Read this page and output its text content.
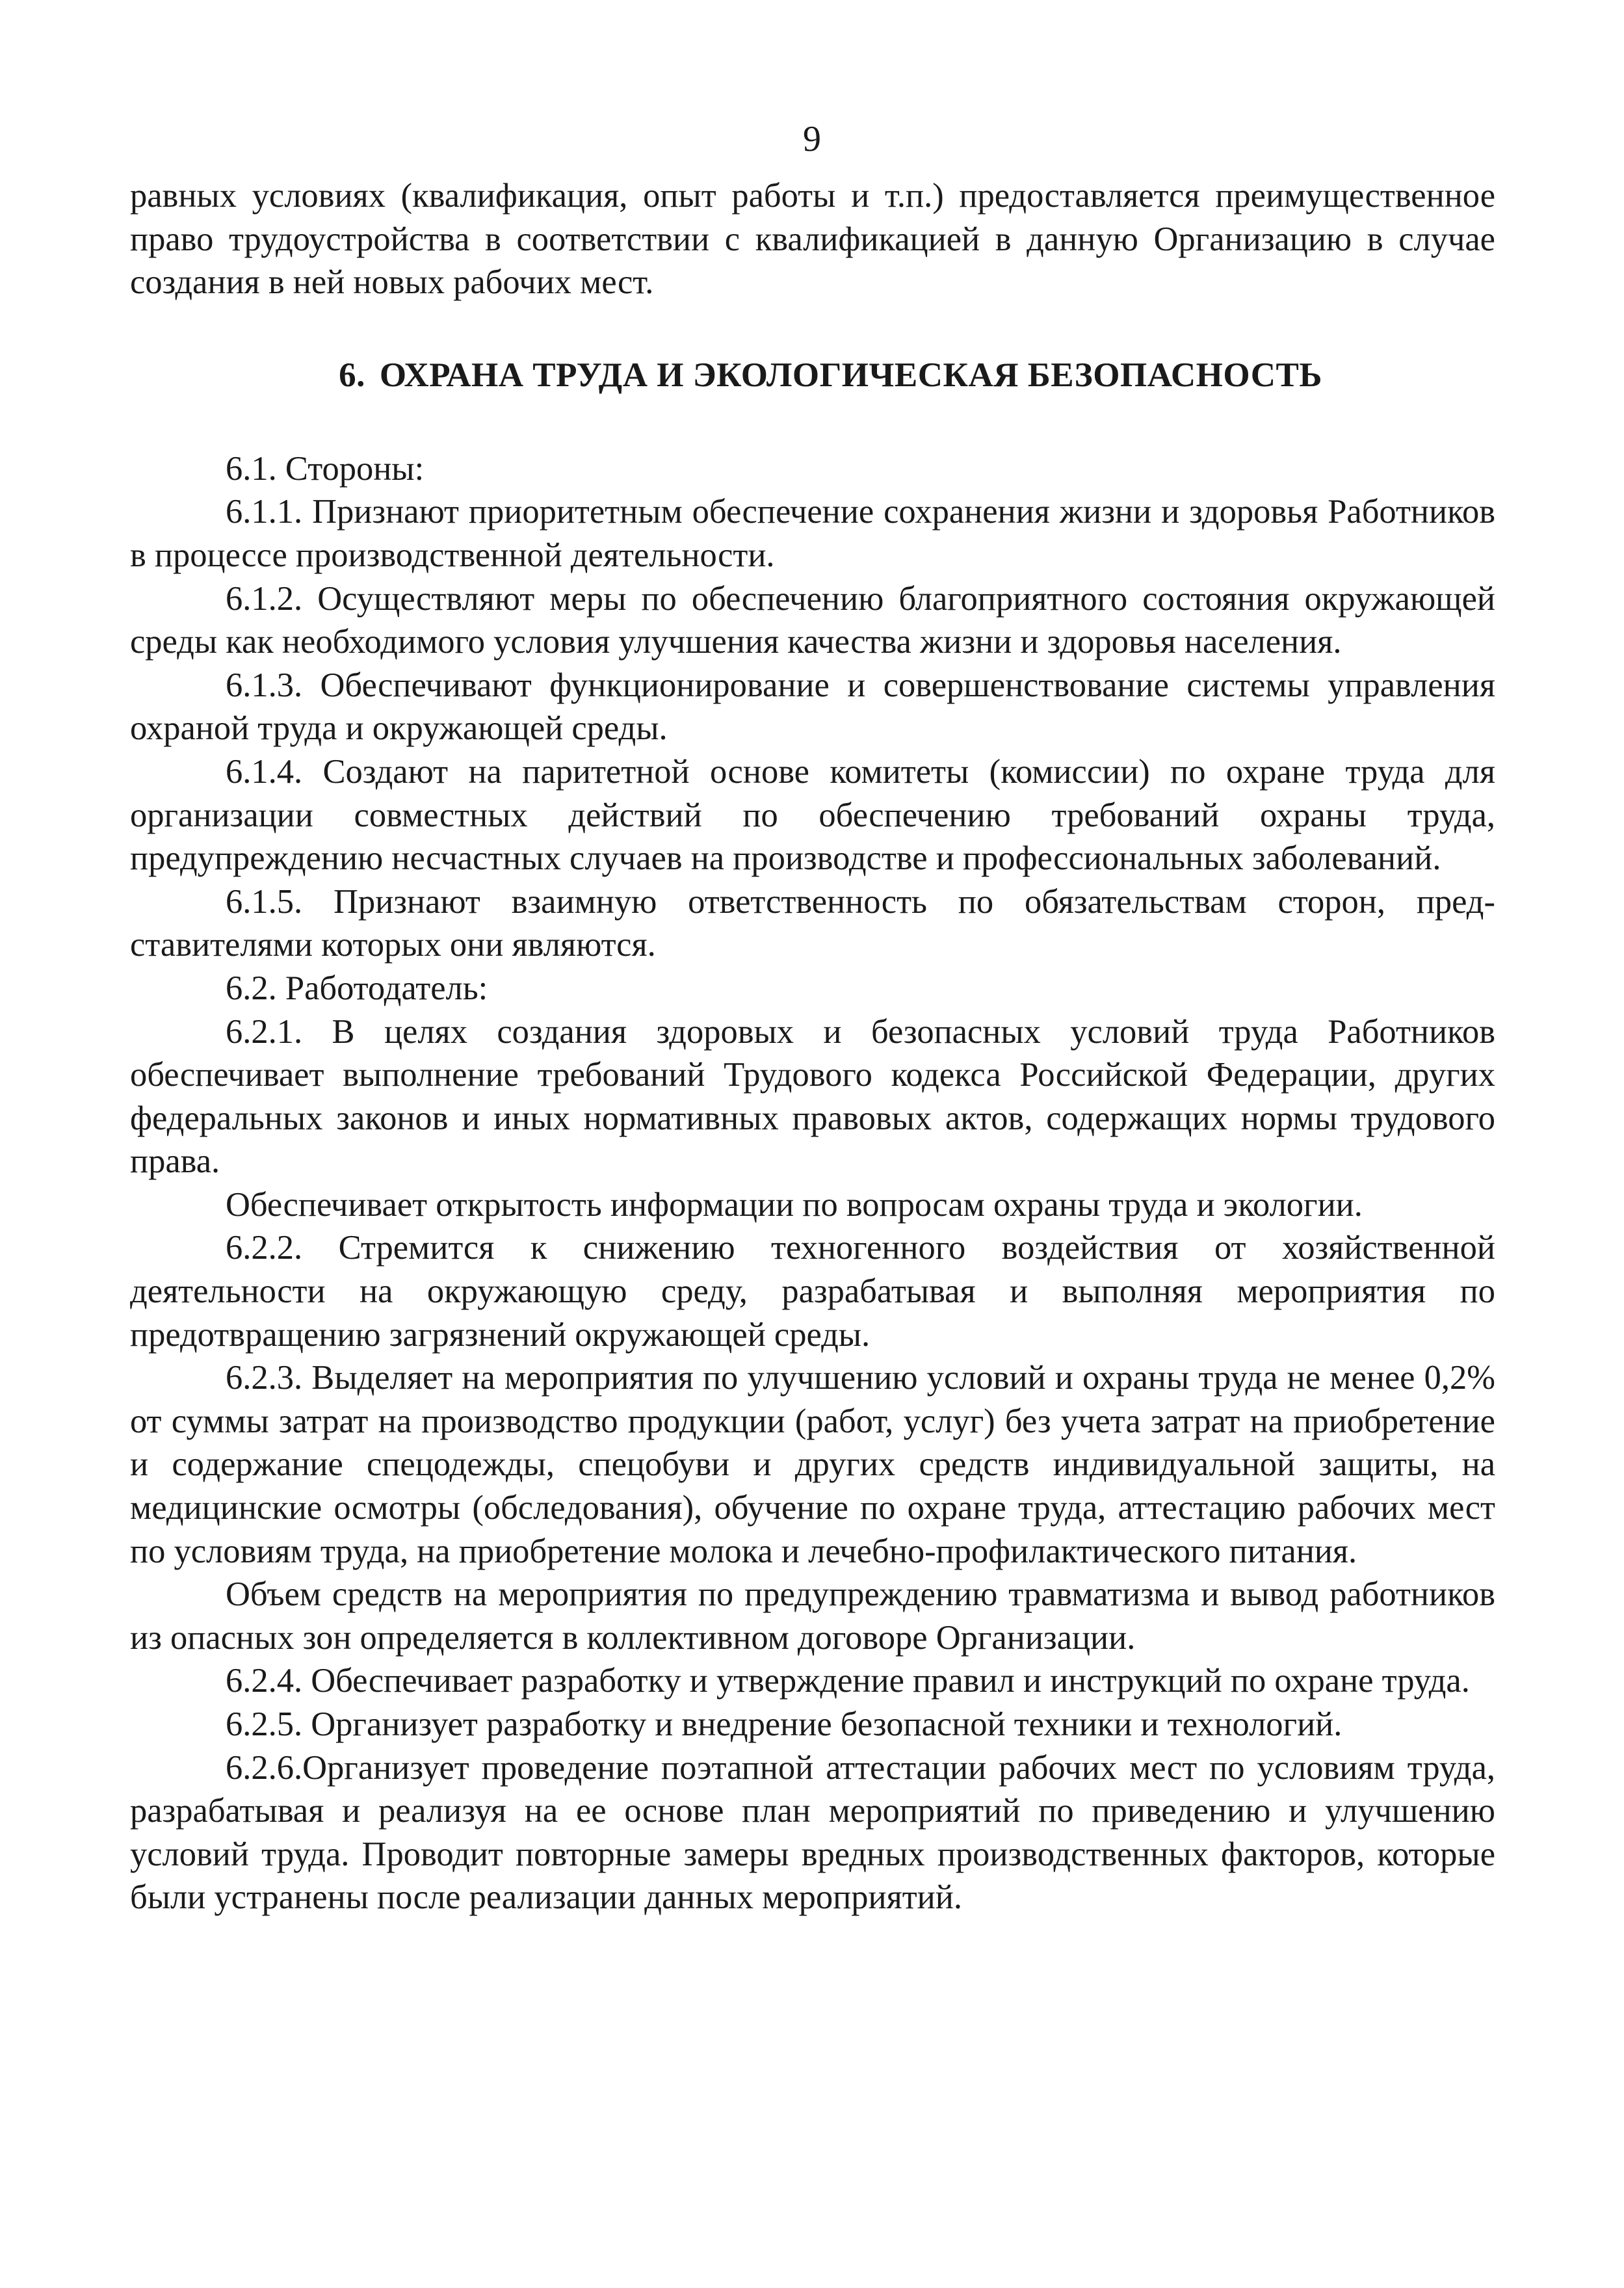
9

равных условиях (квалификация, опыт работы и т.п.) предоставляется преимущественное право трудоустройства в соответствии с квалификацией в данную Организацию в случае создания в ней новых рабочих мест.

6. ОХРАНА ТРУДА И ЭКОЛОГИЧЕСКАЯ БЕЗОПАСНОСТЬ

6.1. Стороны:

6.1.1. Признают приоритетным обеспечение сохранения жизни и здоровья Работников в процессе производственной деятельности.

6.1.2. Осуществляют меры по обеспечению благоприятного состояния окружающей среды как необходимого условия улучшения качества жизни и здоровья населения.

6.1.3. Обеспечивают функционирование и совершенствование системы управления охраной труда и окружающей среды.

6.1.4. Создают на паритетной основе комитеты (комиссии) по охране труда для организации совместных действий по обеспечению требований охраны труда, предупреждению несчастных случаев на производстве и профессиональных заболеваний.

6.1.5. Признают взаимную ответственность по обязательствам сторон, представителями которых они являются.

6.2. Работодатель:

6.2.1. В целях создания здоровых и безопасных условий труда Работников обеспечивает выполнение требований Трудового кодекса Российской Федерации, других федеральных законов и иных нормативных правовых актов, содержащих нормы трудового права.

Обеспечивает открытость информации по вопросам охраны труда и экологии.

6.2.2. Стремится к снижению техногенного воздействия от хозяйственной деятельности на окружающую среду, разрабатывая и выполняя мероприятия по предотвращению загрязнений окружающей среды.

6.2.3. Выделяет на мероприятия по улучшению условий и охраны труда не менее 0,2% от суммы затрат на производство продукции (работ, услуг) без учета затрат на приобретение и содержание спецодежды, спецобуви и других средств индивидуальной защиты, на медицинские осмотры (обследования), обучение по охране труда, аттестацию рабочих мест по условиям труда, на приобретение молока и лечебно-профилактического питания.

Объем средств на мероприятия по предупреждению травматизма и вывод работников из опасных зон определяется в коллективном договоре Организации.

6.2.4. Обеспечивает разработку и утверждение правил и инструкций по охране труда.

6.2.5. Организует разработку и внедрение безопасной техники и технологий.

6.2.6.Организует проведение поэтапной аттестации рабочих мест по условиям труда, разрабатывая и реализуя на ее основе план мероприятий по приведению и улучшению условий труда. Проводит повторные замеры вредных производственных факторов, которые были устранены после реализации данных мероприятий.
